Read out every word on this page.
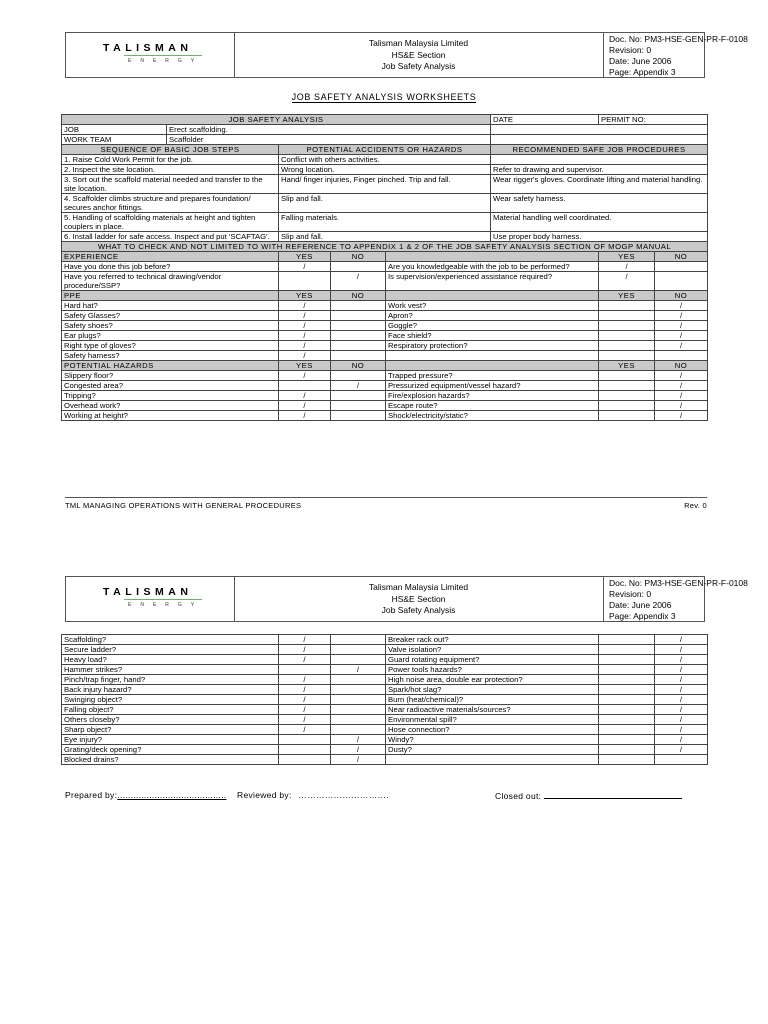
TALISMAN
ENERGY
Talisman Malaysia Limited
HS&E Section
Job Safety Analysis
Doc. No: PM3-HSE-GEN-PR-F-0108
Revision: 0
Date: June 2006
Page: Appendix 3
JOB SAFETY ANALYSIS WORKSHEETS
JOB SAFETY ANALYSIS					DATE	PERMIT NO:	
JOB	Erect scaffolding.						
WORK TEAM	Scaffolder						
SEQUENCE OF BASIC JOB STEPS		POTENTIAL ACCIDENTS OR HAZARDS			RECOMMENDED SAFE JOB PROCEDURES		
1. Raise Cold Work Permit for the job.		Conflict with others activities.					
2. Inspect the site location.		Wrong location.			Refer to drawing and supervisor.		
3. Sort out the scaffold material needed and transfer to the site location.		Hand/ finger injuries, Finger pinched. Trip and fall.			Wear rigger's gloves. Coordinate lifting and material handling.		
4. Scaffolder climbs structure and prepares foundation/ secures anchor fittings.		Slip and fall.			Wear safety harness.		
5. Handling of scaffolding materials at height and tighten couplers in place.		Falling materials.			Material handling well coordinated.		
6. Install ladder for safe access. Inspect and put 'SCAFTAG'.		Slip and fall.			Use proper body harness.		
WHAT TO CHECK AND NOT LIMITED TO WITH REFERENCE TO APPENDIX 1 & 2 OF THE JOB SAFETY ANALYSIS SECTION OF MOGP MANUAL							
EXPERIENCE		YES	NO			YES	NO
Have you done this job before?		/		Are you knowledgeable with the job to be performed?		/	
Have you referred to technical drawing/vendor procedure/SSP?			/	Is supervision/experienced assistance required?		/	
PPE		YES	NO			YES	NO
Hard hat?		/		Work vest?			/
Safety Glasses?		/		Apron?			/
Safety shoes?		/		Goggle?			/
Ear plugs?		/		Face shield?			/
Right type of gloves?		/		Respiratory protection?			/
Safety harness?		/					
POTENTIAL HAZARDS		YES	NO			YES	NO
Slippery floor?		/		Trapped pressure?			/
Congested area?			/	Pressurized equipment/vessel hazard?			/
Tripping?		/		Fire/explosion hazards?			/
Overhead work?		/		Escape route?			/
Working at height?		/		Shock/electricity/static?			/
TML MANAGING OPERATIONS WITH GENERAL PROCEDURES	Rev. 0
TALISMAN
ENERGY
Talisman Malaysia Limited
HS&E Section
Job Safety Analysis
Doc. No: PM3-HSE-GEN-PR-F-0108
Revision: 0
Date: June 2006
Page: Appendix 3
Scaffolding?	/		Breaker rack out?		/
Secure ladder?	/		Valve isolation?		/
Heavy load?	/		Guard rotating equipment?		/
Hammer strikes?		/	Power tools hazards?		/
Pinch/trap finger, hand?	/		High noise area, double ear protection?		/
Back injury hazard?	/		Spark/hot slag?		/
Swinging object?	/		Burn (heat/chemical)?		/
Falling object?	/		Near radioactive materials/sources?		/
Others closeby?	/		Environmental spill?		/
Sharp object?	/		Hose connection?		/
Eye injury?		/	Windy?		/
Grating/deck opening?		/	Dusty?		/
Blocked drains?		/			
Prepared by:......................................... Reviewed by: ………………………….	Closed out:
